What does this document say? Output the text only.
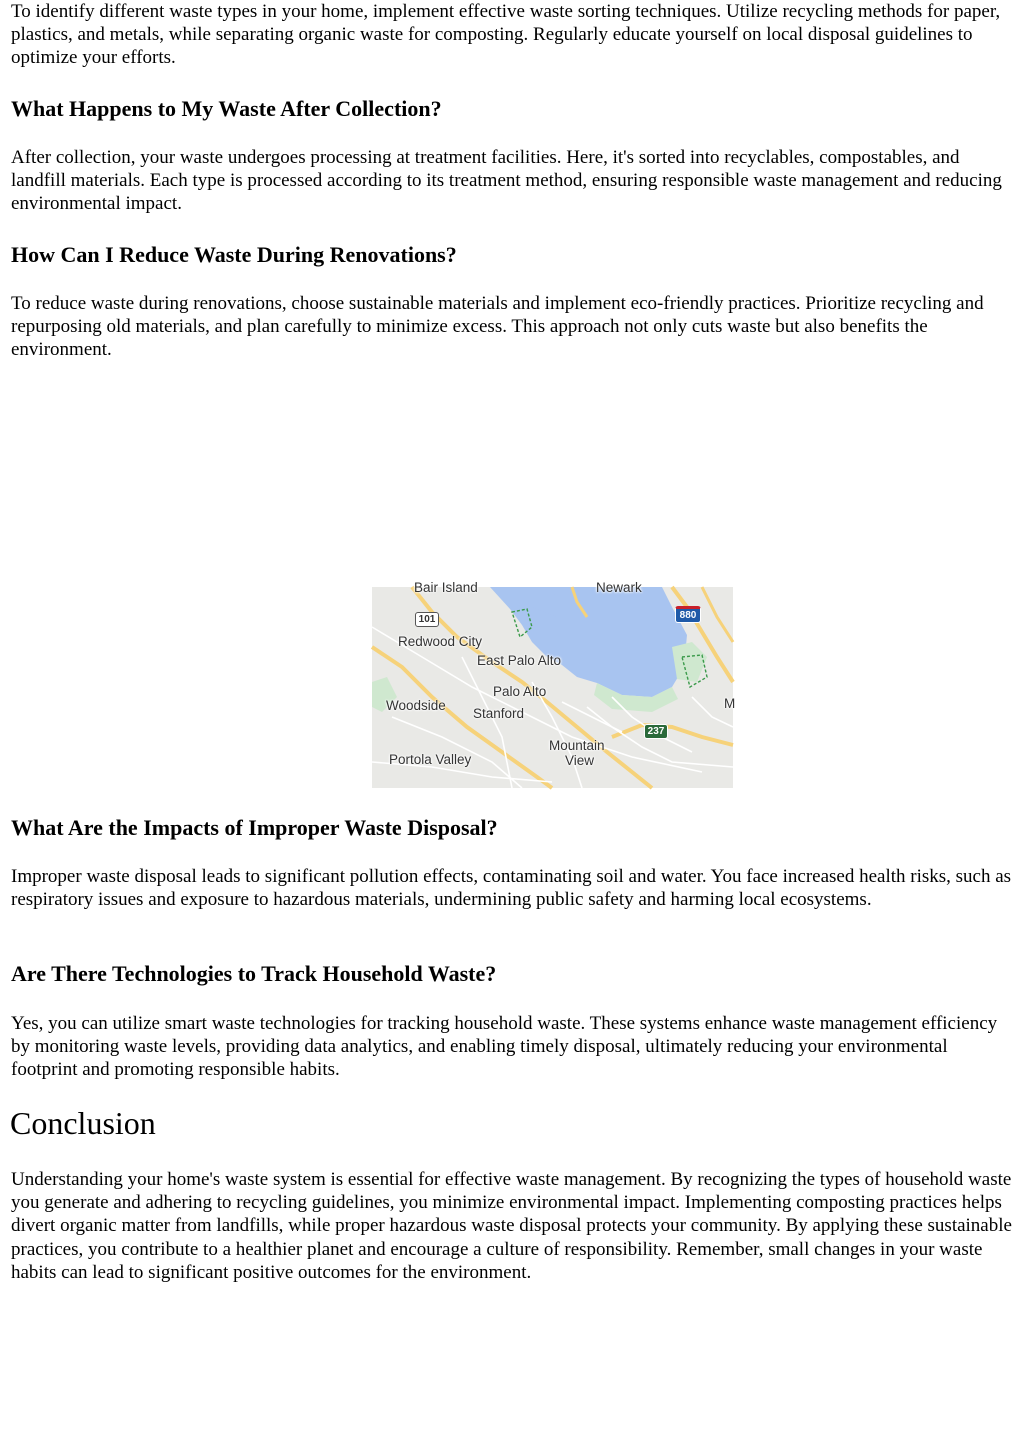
To identify different waste types in your home, implement effective waste sorting techniques. Utilize recycling methods for paper, plastics, and metals, while separating organic waste for composting. Regularly educate yourself on local disposal guidelines to optimize your efforts.

What Happens to My Waste After Collection?

After collection, your waste undergoes processing at treatment facilities. Here, it's sorted into recyclables, compostables, and landfill materials. Each type is processed according to its treatment method, ensuring responsible waste management and reducing environmental impact.

How Can I Reduce Waste During Renovations?

To reduce waste during renovations, choose sustainable materials and implement eco-friendly practices. Prioritize recycling and repurposing old materials, and plan carefully to minimize excess. This approach not only cuts waste but also benefits the environment.

Bair Island	Newark
Redwood City
East Palo Alto
Palo Alto
Woodside
Stanford
Mountain
View
Portola Valley
M
101	880
237
What Are the Impacts of Improper Waste Disposal?

Improper waste disposal leads to significant pollution effects, contaminating soil and water. You face increased health risks, such as respiratory issues and exposure to hazardous materials, undermining public safety and harming local ecosystems.

Are There Technologies to Track Household Waste?

Yes, you can utilize smart waste technologies for tracking household waste. These systems enhance waste management efficiency by monitoring waste levels, providing data analytics, and enabling timely disposal, ultimately reducing your environmental footprint and promoting responsible habits.

Conclusion

Understanding your home's waste system is essential for effective waste management. By recognizing the types of household waste you generate and adhering to recycling guidelines, you minimize environmental impact. Implementing composting practices helps divert organic matter from landfills, while proper hazardous waste disposal protects your community. By applying these sustainable practices, you contribute to a healthier planet and encourage a culture of responsibility. Remember, small changes in your waste habits can lead to significant positive outcomes for the environment.
